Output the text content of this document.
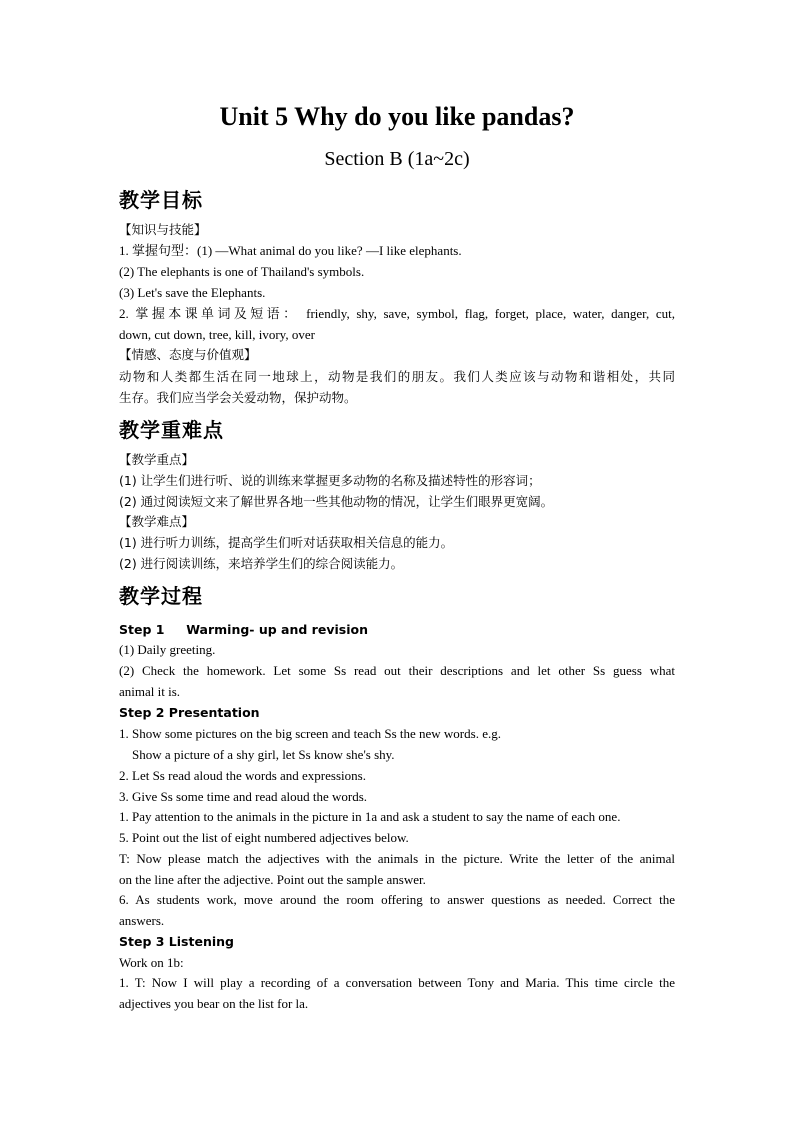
Unit 5 Why do you like pandas?
Section B (1a~2c)
教学目标
【知识与技能】
1. 掌握句型：(1) —What animal do you like? —I like elephants.
(2) The elephants is one of Thailand's symbols.
(3) Let's save the Elephants.
2. 掌握本课单词及短语： friendly, shy, save, symbol, flag, forget, place, water, danger, cut,
down, cut down, tree, kill, ivory, over
【情感、态度与价值观】
动物和人类都生活在同一地球上，动物是我们的朋友。我们人类应该与动物和谐相处，共同
生存。我们应当学会关爱动物，保护动物。
教学重难点
【教学重点】
(1) 让学生们进行听、说的训练来掌握更多动物的名称及描述特性的形容词；
(2) 通过阅读短文来了解世界各地一些其他动物的情况，让学生们眼界更宽阔。
【教学难点】
(1) 进行听力训练，提高学生们听对话获取相关信息的能力。
(2) 进行阅读训练，来培养学生们的综合阅读能力。
教学过程
Step 1     Warming- up and revision
(1) Daily greeting.
(2) Check the homework. Let some Ss read out their descriptions and let other Ss guess what
animal it is.
Step 2 Presentation
1. Show some pictures on the big screen and teach Ss the new words. e.g.
Show a picture of a shy girl, let Ss know she's shy.
2. Let Ss read aloud the words and expressions.
3. Give Ss some time and read aloud the words.
1. Pay attention to the animals in the picture in 1a and ask a student to say the name of each one.
5. Point out the list of eight numbered adjectives below.
T: Now please match the adjectives with the animals in the picture. Write the letter of the animal
on the line after the adjective. Point out the sample answer.
6. As students work, move around the room offering to answer questions as needed. Correct the
answers.
Step 3 Listening
Work on 1b:
1. T: Now I will play a recording of a conversation between Tony and Maria. This time circle the
adjectives you bear on the list for la.
